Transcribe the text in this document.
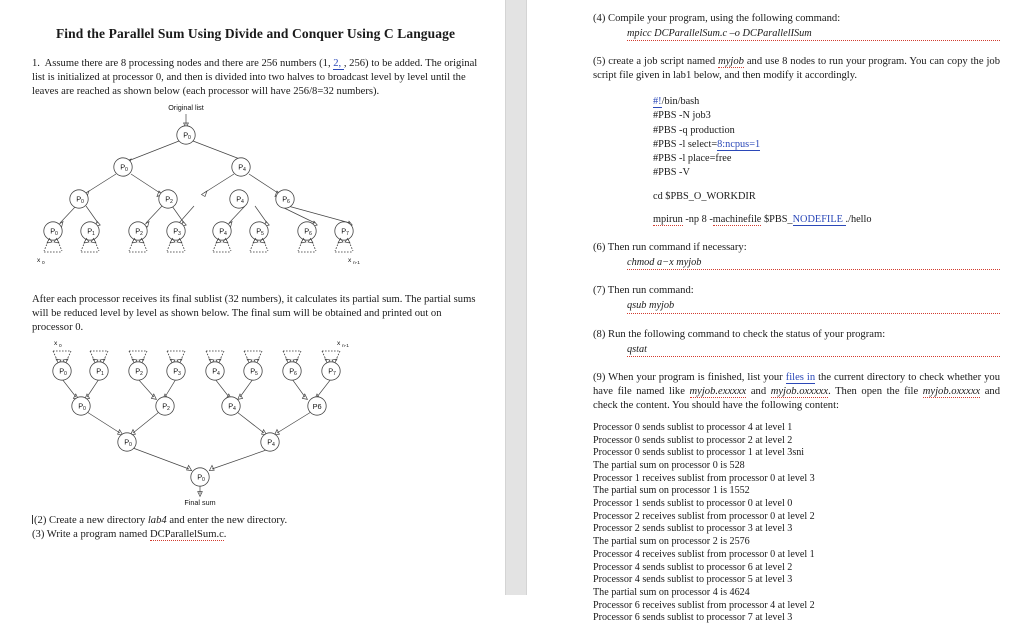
Find the Parallel Sum Using Divide and Conquer Using C Language

1.  Assume there are 8 processing nodes and there are 256 numbers (1, 2, , 256) to be added. The original list is initialized at processor 0, and then is divided into two halves to broadcast level by level until the leaves are reached as shown below (each processor will have 256/8=32 numbers).

Original list
P 0
P 0	P 4
P 0	P 2	P 4	P 6
P 0	P 1	P 2	P 3	P 4	P 5	P 6	P 7
x 0	x n-1

After each processor receives its final sublist (32 numbers), it calculates its partial sum. The partial sums will be reduced level by level as shown below. The final sum will be obtained and printed out on processor 0.

x 0	x n-1
P 0	P 1	P 2	P 3	P 4	P 5	P 6	P 7
P 0	P 2	P 4	P6
P 0	P 4
P 0
Final sum

(2) Create a new directory lab4 and enter the new directory.

(3) Write a program named DCParallelSum.c.

(4) Compile your program, using the following command:

mpicc DCParallelSum.c –o DCParallelISum

(5) create a job script named myjob and use 8 nodes to run your program. You can copy the job script file given in lab1 below, and then modify it accordingly.

#!/bin/bash
#PBS -N job3
#PBS -q production
#PBS -l select=8:ncpus=1
#PBS -l place=free
#PBS -V
cd $PBS_O_WORKDIR
mpirun -np 8 -machinefile $PBS_NODEFILE ./hello

(6) Then run command if necessary:

chmod a−x myjob

(7) Then run command:

qsub myjob

(8) Run the following command to check the status of your program:

qstat

(9) When your program is finished, list your files in the current directory to check whether you have file named like myjob.exxxxx and myjob.oxxxxx. Then open the file myjob.oxxxxx and check the content. You should have the following content:

Processor 0 sends sublist to processor 4 at level 1
Processor 0 sends sublist to processor 2 at level 2
Processor 0 sends sublist to processor 1 at level 3sni
The partial sum on processor 0 is 528
Processor 1 receives sublist from processor 0 at level 3
The partial sum on processor 1 is 1552
Processor 1 sends sublist to processor 0 at level 0
Processor 2 receives sublist from processor 0 at level 2
Processor 2 sends sublist to processor 3 at level 3
The partial sum on processor 2 is 2576
Processor 4 receives sublist from processor 0 at level 1
Processor 4 sends sublist to processor 6 at level 2
Processor 4 sends sublist to processor 5 at level 3
The partial sum on processor 4 is 4624
Processor 6 receives sublist from processor 4 at level 2
Processor 6 sends sublist to processor 7 at level 3
